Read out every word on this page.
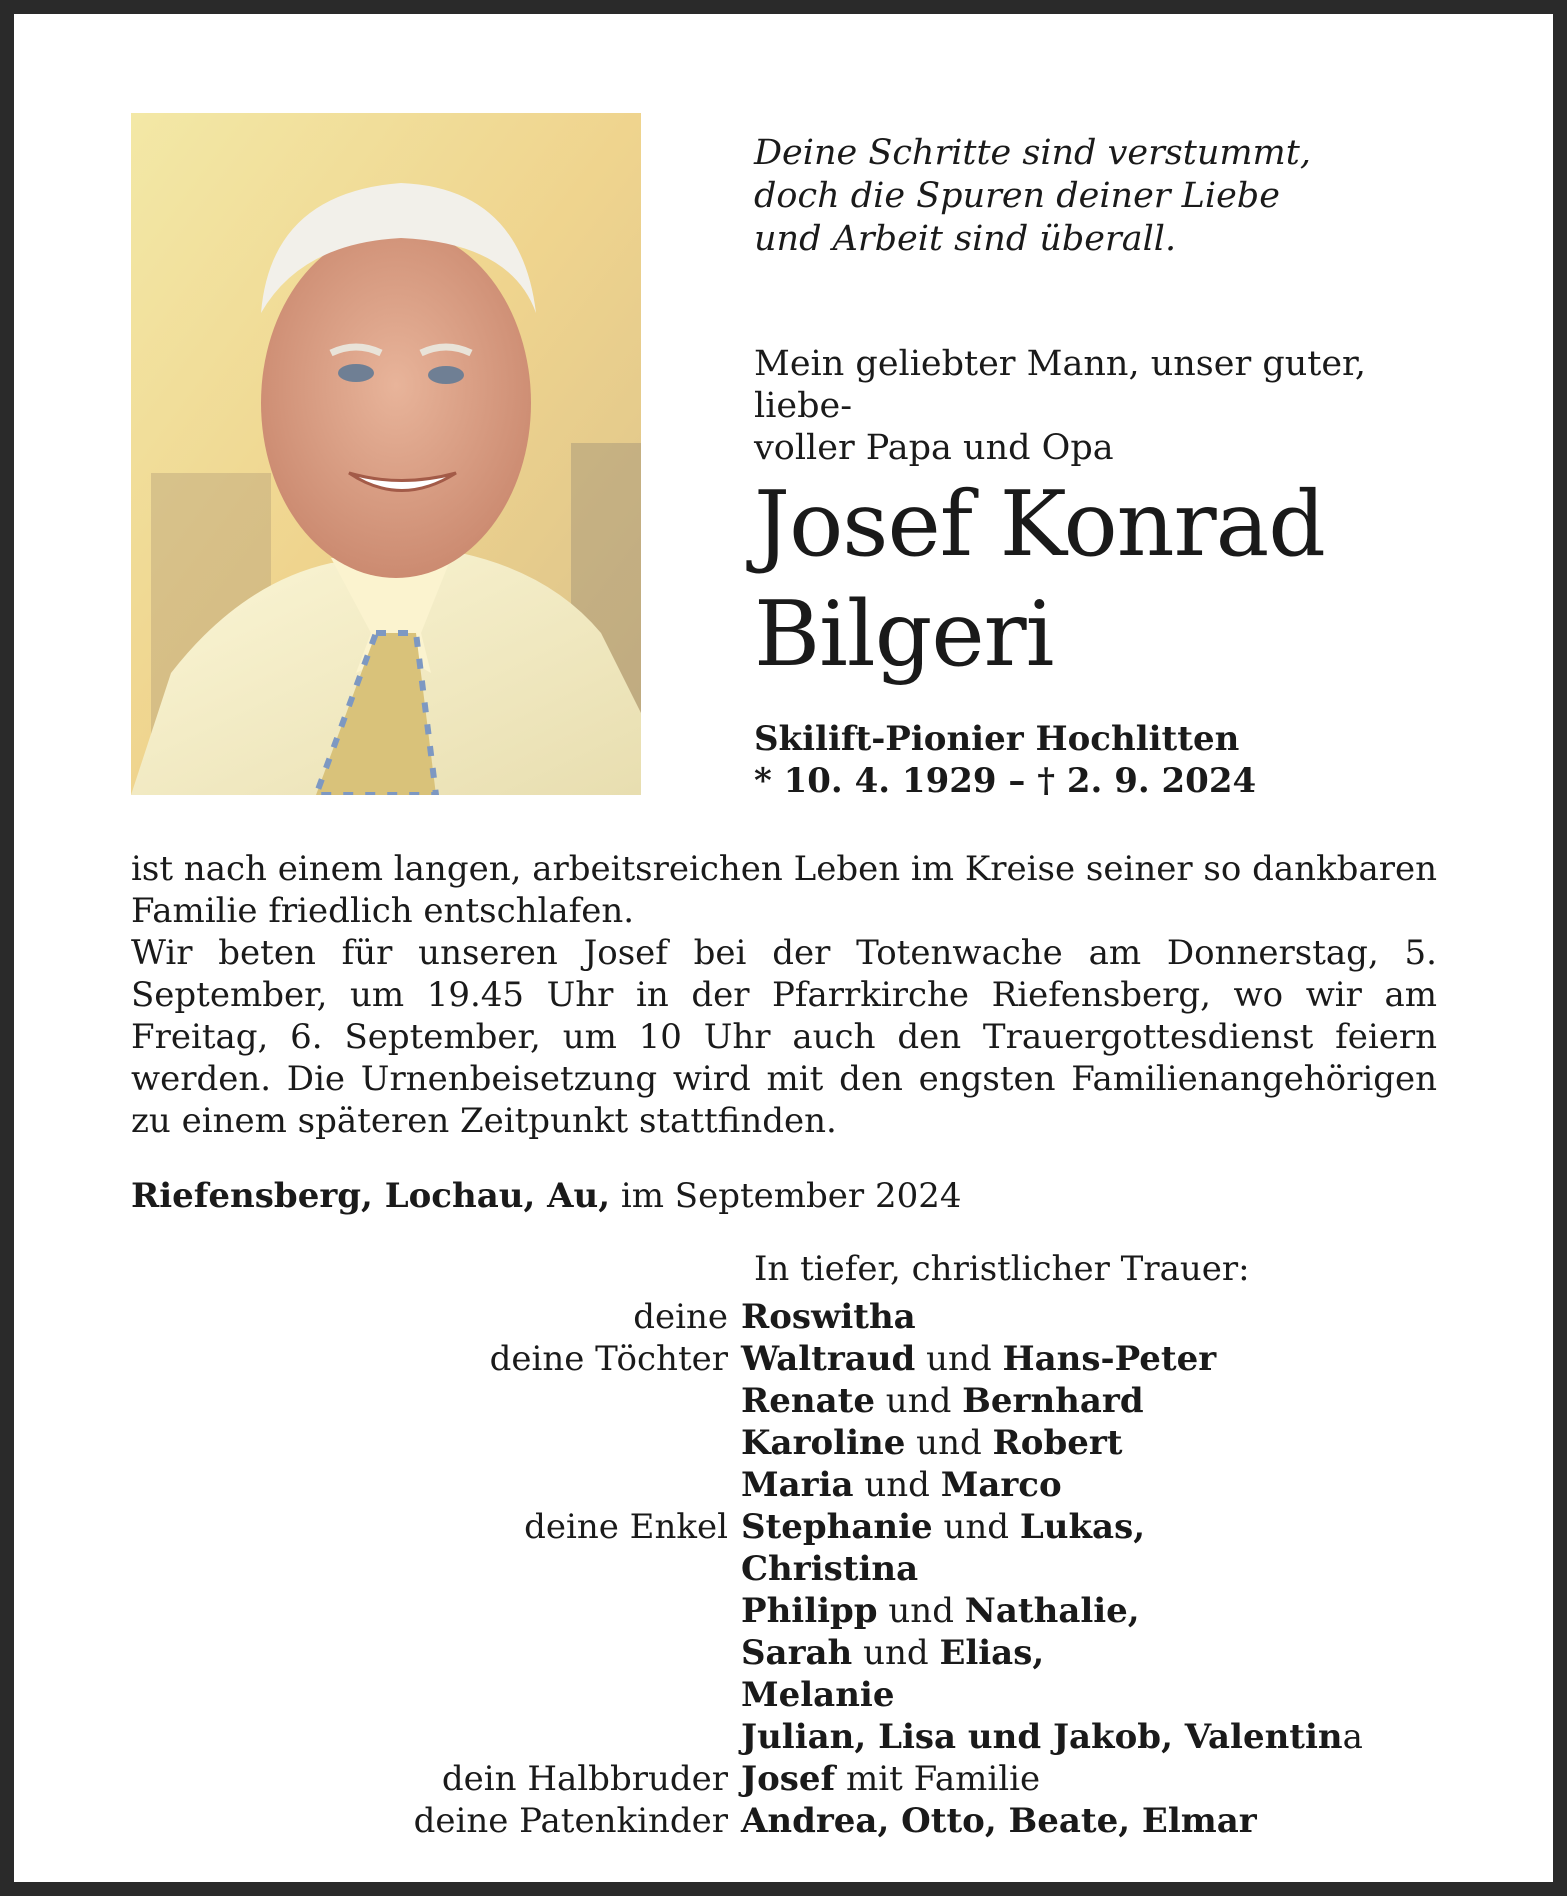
Deine Schritte sind verstummt,
doch die Spuren deiner Liebe
und Arbeit sind überall.
Mein geliebter Mann, unser guter, liebe-
voller Papa und Opa
Josef Konrad
Bilgeri
Skilift-Pionier Hochlitten
* 10. 4. 1929 – † 2. 9. 2024

ist nach einem langen, arbeitsreichen Leben im Kreise seiner so dankbaren Familie friedlich entschlafen.

Wir beten für unseren Josef bei der Totenwache am Donnerstag, 5. September, um 19.45 Uhr in der Pfarrkirche Riefensberg, wo wir am Freitag, 6. September, um 10 Uhr auch den Trauergottesdienst feiern werden. Die Urnenbeisetzung wird mit den engsten Familienangehörigen zu einem späteren Zeitpunkt stattfinden.

Riefensberg, Lochau, Au, im September 2024
In tiefer, christlicher Trauer:
deine Roswitha
deine Töchter Waltraud und Hans-Peter
Renate und Bernhard
Karoline und Robert
Maria und Marco
deine Enkel Stephanie und Lukas,
Christina
Philipp und Nathalie,
Sarah und Elias,
Melanie
Julian, Lisa und Jakob, Valentina
dein Halbbruder Josef mit Familie
deine Patenkinder Andrea, Otto, Beate, Elmar
